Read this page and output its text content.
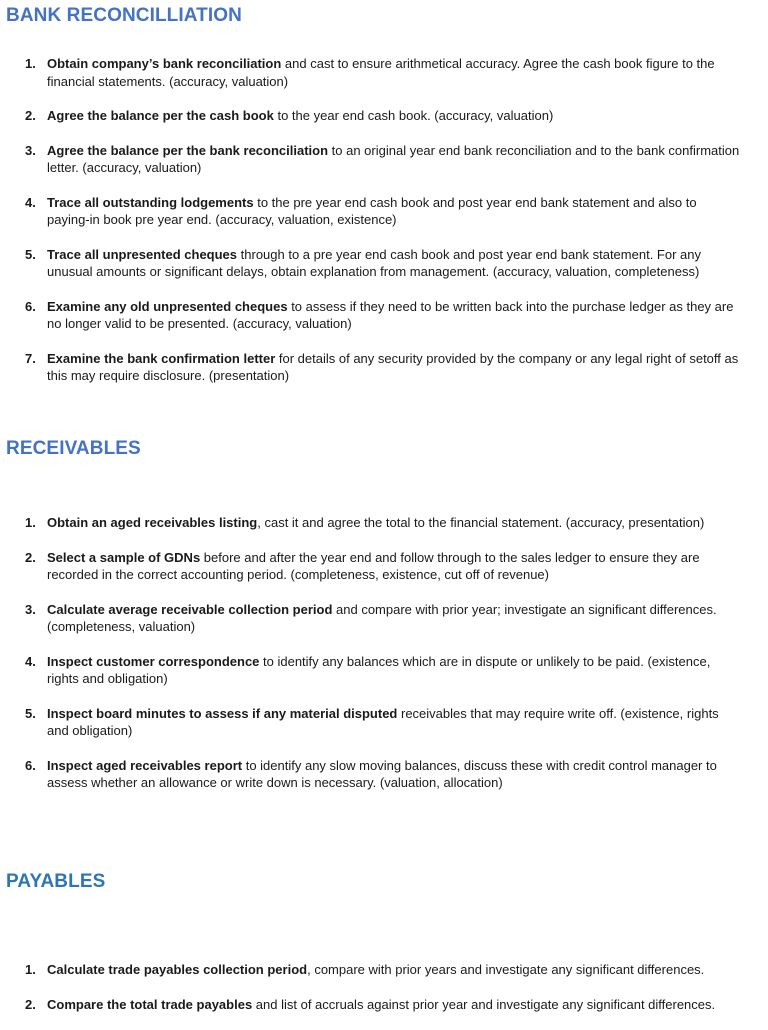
BANK RECONCILLIATION
1. Obtain company’s bank reconciliation and cast to ensure arithmetical accuracy. Agree the cash book figure to the financial statements. (accuracy, valuation)
2. Agree the balance per the cash book to the year end cash book. (accuracy, valuation)
3. Agree the balance per the bank reconciliation to an original year end bank reconciliation and to the bank confirmation letter. (accuracy, valuation)
4. Trace all outstanding lodgements to the pre year end cash book and post year end bank statement and also to paying-in book pre year end. (accuracy, valuation, existence)
5. Trace all unpresented cheques through to a pre year end cash book and post year end bank statement. For any unusual amounts or significant delays, obtain explanation from management. (accuracy, valuation, completeness)
6. Examine any old unpresented cheques to assess if they need to be written back into the purchase ledger as they are no longer valid to be presented. (accuracy, valuation)
7. Examine the bank confirmation letter for details of any security provided by the company or any legal right of setoff as this may require disclosure. (presentation)
RECEIVABLES
1. Obtain an aged receivables listing, cast it and agree the total to the financial statement. (accuracy, presentation)
2. Select a sample of GDNs before and after the year end and follow through to the sales ledger to ensure they are recorded in the correct accounting period. (completeness, existence, cut off of revenue)
3. Calculate average receivable collection period and compare with prior year; investigate an significant differences. (completeness, valuation)
4. Inspect customer correspondence to identify any balances which are in dispute or unlikely to be paid. (existence, rights and obligation)
5. Inspect board minutes to assess if any material disputed receivables that may require write off. (existence, rights and obligation)
6. Inspect aged receivables report to identify any slow moving balances, discuss these with credit control manager to assess whether an allowance or write down is necessary. (valuation, allocation)
PAYABLES
1. Calculate trade payables collection period, compare with prior years and investigate any significant differences.
2. Compare the total trade payables and list of accruals against prior year and investigate any significant differences.
